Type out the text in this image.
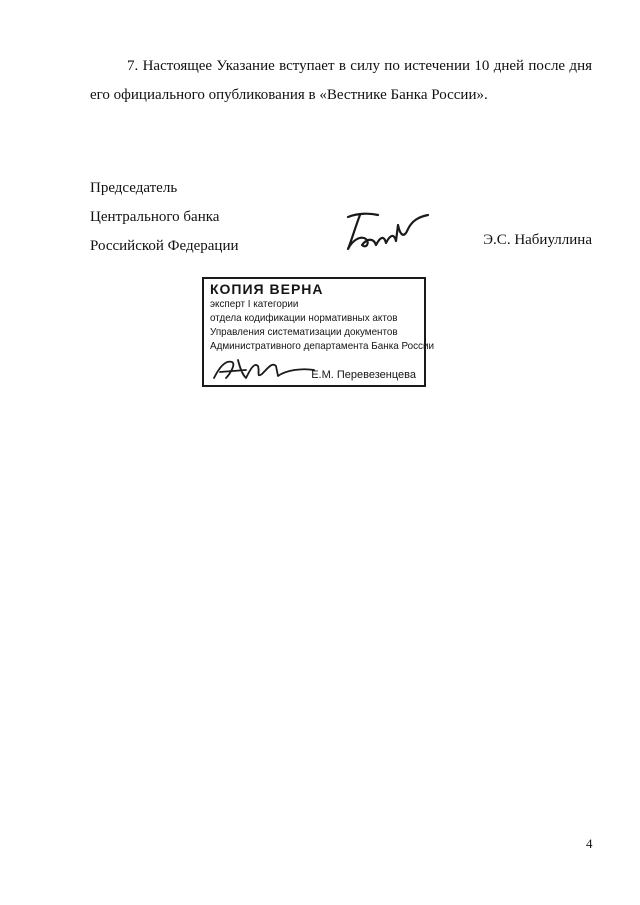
7. Настоящее Указание вступает в силу по истечении 10 дней после дня его официального опубликования в «Вестнике Банка России».

Председатель
Центрального банка
Российской Федерации	Э.С. Набиуллина
КОПИЯ ВЕРНА
эксперт I категории
отдела кодификации нормативных актов
Управления систематизации документов
Административного департамента Банка России
Е.М. Перевезенцева
4
